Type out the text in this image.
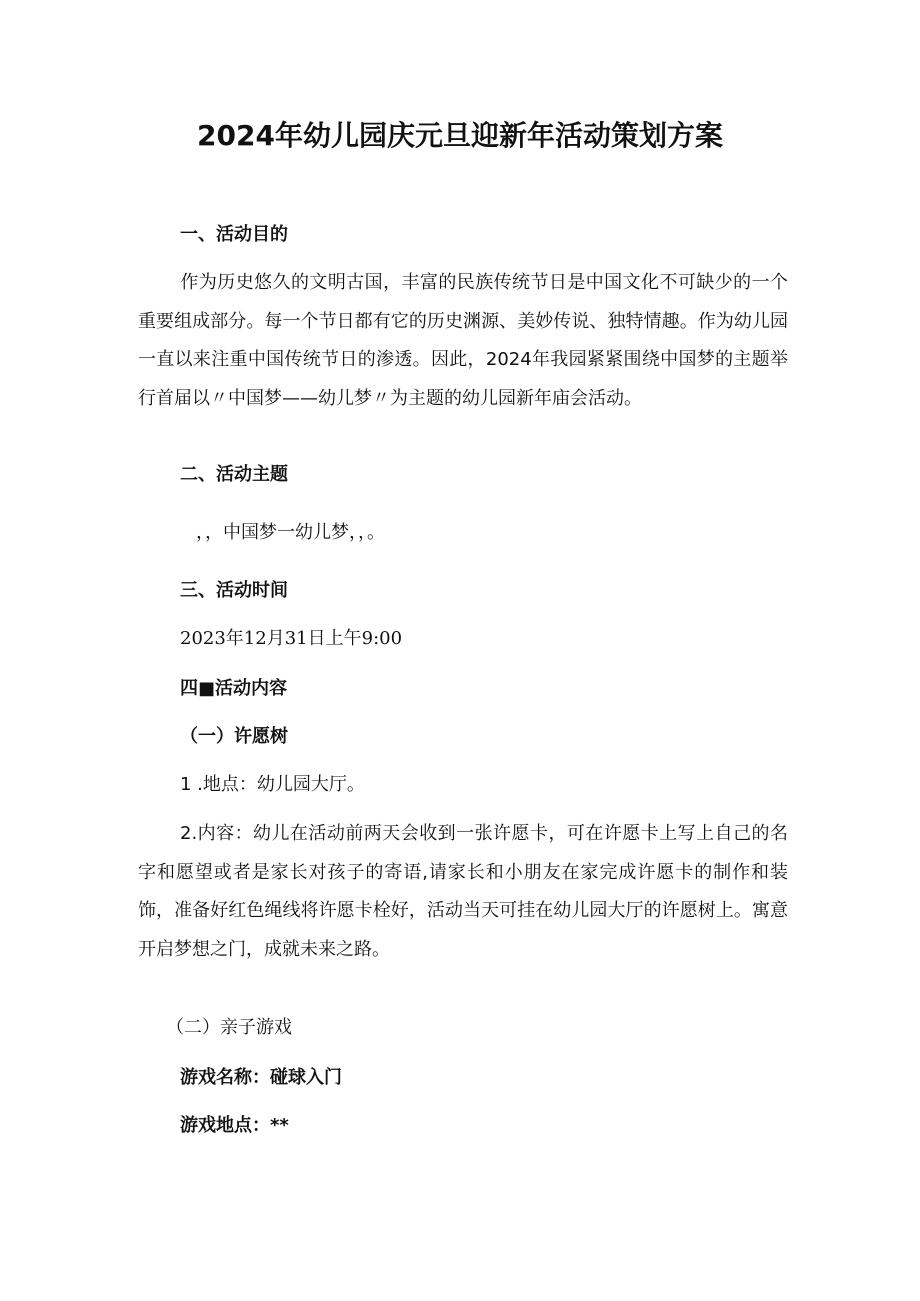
2024年幼儿园庆元旦迎新年活动策划方案
一、活动目的
作为历史悠久的文明古国，丰富的民族传统节日是中国文化不可缺少的一个重要组成部分。每一个节日都有它的历史渊源、美妙传说、独特情趣。作为幼儿园一直以来注重中国传统节日的渗透。因此，2024年我园紧紧围绕中国梦的主题举行首届以〃中国梦——幼儿梦〃为主题的幼儿园新年庙会活动。
二、活动主题
，，中国梦一幼儿梦，，。
三、活动时间
2023年12月31日上午9:00
四■活动内容
（一）许愿树
1 .地点：幼儿园大厅。
2.内容：幼儿在活动前两天会收到一张许愿卡，可在许愿卡上写上自己的名字和愿望或者是家长对孩子的寄语,请家长和小朋友在家完成许愿卡的制作和装饰，准备好红色绳线将许愿卡栓好，活动当天可挂在幼儿园大厅的许愿树上。寓意开启梦想之门，成就未来之路。
（二）亲子游戏
游戏名称：碰球入门
游戏地点：**
